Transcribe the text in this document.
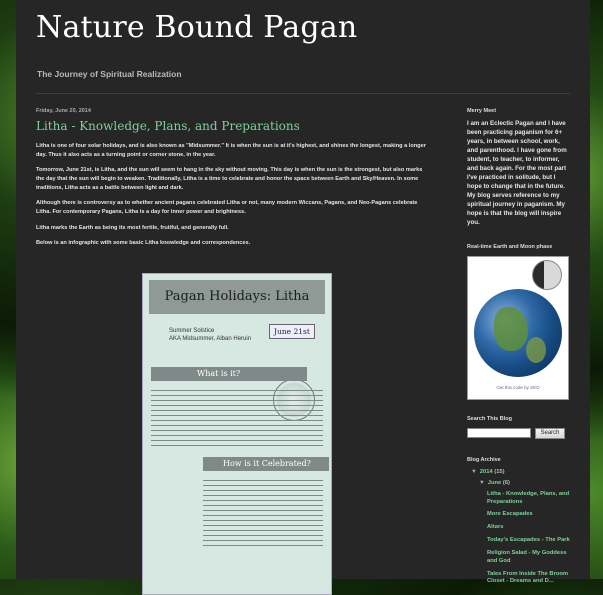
Nature Bound Pagan

The Journey of Spiritual Realization

Friday, June 20, 2014

Litha - Knowledge, Plans, and Preparations

Litha is one of four solar holidays, and is also known as "Midsummer." It is when the sun is at it's highest, and shines the longest, making a longer day. Thus it also acts as a turning point or corner stone, in the year.

Tomorrow, June 21st, is Litha, and the sun will seem to hang in the sky without moving. This day is when the sun is the strongest, but also marks the day that the sun will begin to weaken. Traditionally, Litha is a time to celebrate and honor the space between Earth and Sky/Heaven. In some traditions, Litha acts as a battle between light and dark.

Although there is controversy as to whether ancient pagans celebrated Litha or not, many modern Wiccans, Pagans, and Neo-Pagans celebrate Litha. For contemporary Pagans, Litha is a day for inner power and brightness.

Litha marks the Earth as being its most fertile, fruitful, and generally full.

Below is an infographic with some basic Litha knowledge and correspondences.

Pagan Holidays: Litha
Summer Solstice
AKA Midsummer, Alban Heruin
June 21st
What is it?
How is it Celebrated?

Merry Meet

I am an Eclectic Pagan and I have been practicing paganism for 6+ years, in between school, work, and parenthood. I have gone from student, to teacher, to informer, and back again. For the most part I've practiced in solitude, but I hope to change that in the future. My blog serves reference to my spiritual journey in paganism. My hope is that the blog will inspire you.

Real-time Earth and Moon phase

Get this code by SEO

Search This Blog

Search

Blog Archive

▼ 2014 (15)
▼ June (6)
Litha - Knowledge, Plans, and Preparations
More Escapades
Altars
Today's Escapades - The Park
Religion Salad - My Goddess and God
Tales From Inside The Broom Closet - Dreams and D...
